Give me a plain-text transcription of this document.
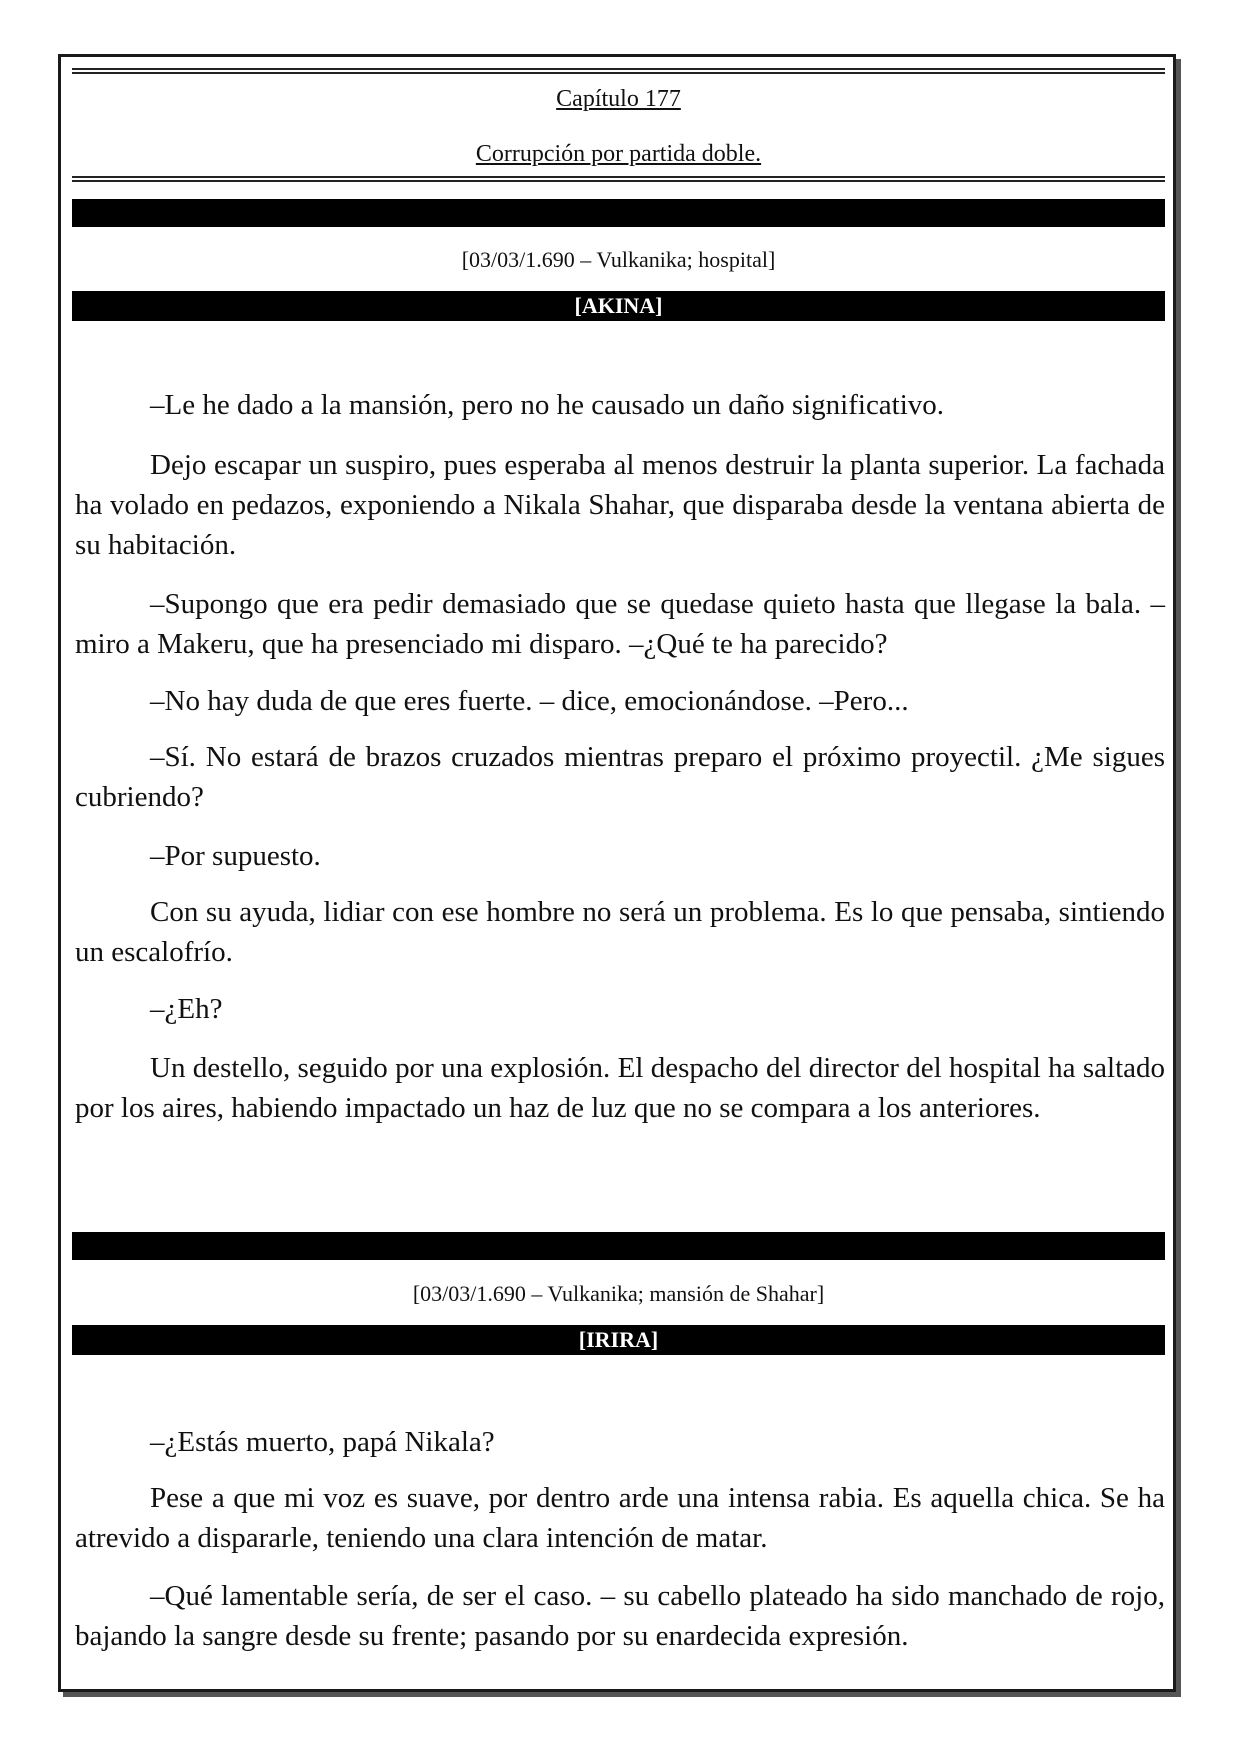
Capítulo 177
Corrupción por partida doble.
[03/03/1.690 – Vulkanika; hospital]
[AKINA]

–Le he dado a la mansión, pero no he causado un daño significativo.

Dejo escapar un suspiro, pues esperaba al menos destruir la planta superior. La fachada ha volado en pedazos, exponiendo a Nikala Shahar, que disparaba desde la ventana abierta de su habitación.

–Supongo que era pedir demasiado que se quedase quieto hasta que llegase la bala. – miro a Makeru, que ha presenciado mi disparo. –¿Qué te ha parecido?

–No hay duda de que eres fuerte. – dice, emocionándose. –Pero...

–Sí. No estará de brazos cruzados mientras preparo el próximo proyectil. ¿Me sigues cubriendo?

–Por supuesto.

Con su ayuda, lidiar con ese hombre no será un problema. Es lo que pensaba, sintiendo un escalofrío.

–¿Eh?

Un destello, seguido por una explosión. El despacho del director del hospital ha saltado por los aires, habiendo impactado un haz de luz que no se compara a los anteriores.

[03/03/1.690 – Vulkanika; mansión de Shahar]
[IRIRA]

–¿Estás muerto, papá Nikala?

Pese a que mi voz es suave, por dentro arde una intensa rabia. Es aquella chica. Se ha atrevido a dispararle, teniendo una clara intención de matar.

–Qué lamentable sería, de ser el caso. – su cabello plateado ha sido manchado de rojo, bajando la sangre desde su frente; pasando por su enardecida expresión.
